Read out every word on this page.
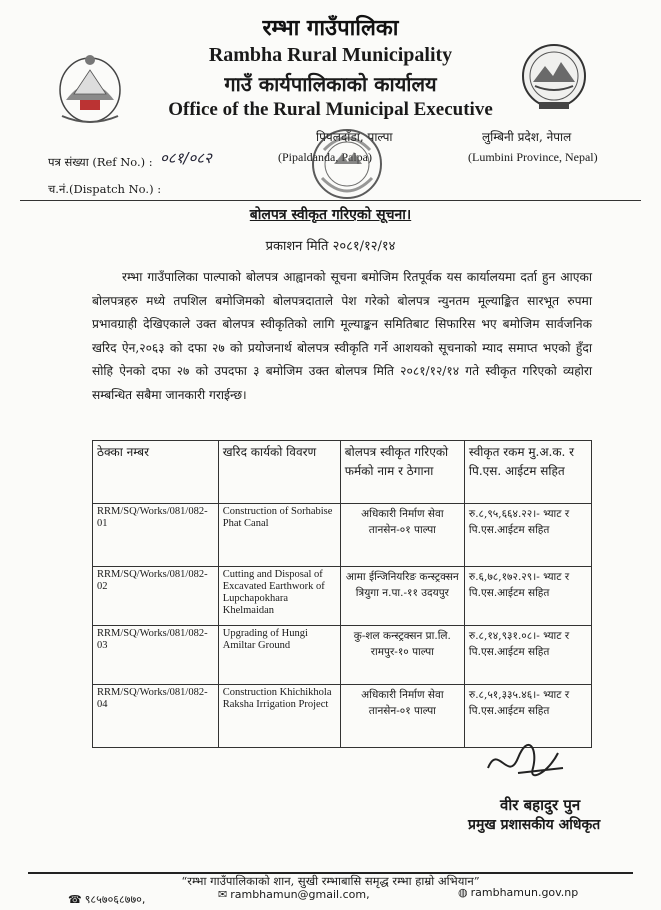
रम्भा गाउँपालिका
Rambha Rural Municipality
गाउँ कार्यपालिकाको कार्यालय
Office of the Rural Municipal Executive
पिपलदाँडा, पाल्पा
(Pipaldanda, Palpa)
लुम्बिनी प्रदेश, नेपाल
(Lumbini Province, Nepal)
पत्र संख्या (Ref No.) : ०८१/०८२
च.नं.(Dispatch No.) :
बोलपत्र स्वीकृत गरिएको सूचना।
प्रकाशन मिति २०८१/१२/१४
रम्भा गाउँपालिका पाल्पाको बोलपत्र आह्वानको सूचना बमोजिम रितपूर्वक यस कार्यालयमा दर्ता हुन आएका बोलपत्रहरु मध्ये तपशिल बमोजिमको बोलपत्रदाताले पेश गरेको बोलपत्र न्युनतम मूल्याङ्कित सारभूत रुपमा प्रभावग्राही देखिएकाले उक्त बोलपत्र स्वीकृतिको लागि मूल्याङ्कन समितिबाट सिफारिस भए बमोजिम सार्वजनिक खरिद ऐन,२०६३ को दफा २७ को प्रयोजनार्थ बोलपत्र स्वीकृति गर्ने आशयको सूचनाको म्याद समाप्त भएको हुँदा सोहि ऐनको दफा २७ को उपदफा ३ बमोजिम उक्त बोलपत्र मिति २०८१/१२/१४ गते स्वीकृत गरिएको व्यहोरा सम्बन्धित सबैमा जानकारी गराईन्छ।
ठेक्का नम्बर	खरिद कार्यको विवरण	बोलपत्र स्वीकृत गरिएको फर्मको नाम र ठेगाना	स्वीकृत रकम मु.अ.क. र पि.एस. आईटम सहित
RRM/SQ/Works/081/082-01	Construction of Sorhabise Phat Canal	अधिकारी निर्माण सेवा तानसेन-०१ पाल्पा	रु.८,९५,६६४.२२।- भ्याट र पि.एस.आईटम सहित
RRM/SQ/Works/081/082-02	Cutting and Disposal of Excavated Earthwork of Lupchapokhara Khelmaidan	आमा ईन्जिनियरिङ कन्स्ट्रक्सन त्रियुगा न.पा.-११ उदयपुर	रु.६,७८,१७२.२९।- भ्याट र पि.एस.आईटम सहित
RRM/SQ/Works/081/082-03	Upgrading of Hungi Amiltar Ground	कु-शल कन्स्ट्रक्सन प्रा.लि. रामपुर-१० पाल्पा	रु.८,१४,९३१.०८।- भ्याट र पि.एस.आईटम सहित
RRM/SQ/Works/081/082-04	Construction Khichikhola Raksha Irrigation Project	अधिकारी निर्माण सेवा तानसेन-०१ पाल्पा	रु.८,५१,३३५.४६।- भ्याट र पि.एस.आईटम सहित
वीर बहादुर पुन
प्रमुख प्रशासकीय अधिकृत
“रम्भा गाउँपालिकाको शान, सुखी रम्भाबासि समृद्ध रम्भा हाम्रो अभियान”
☎ ९८५७०६८७७०,	✉ rambhamun@gmail.com,	◍ rambhamun.gov.np
